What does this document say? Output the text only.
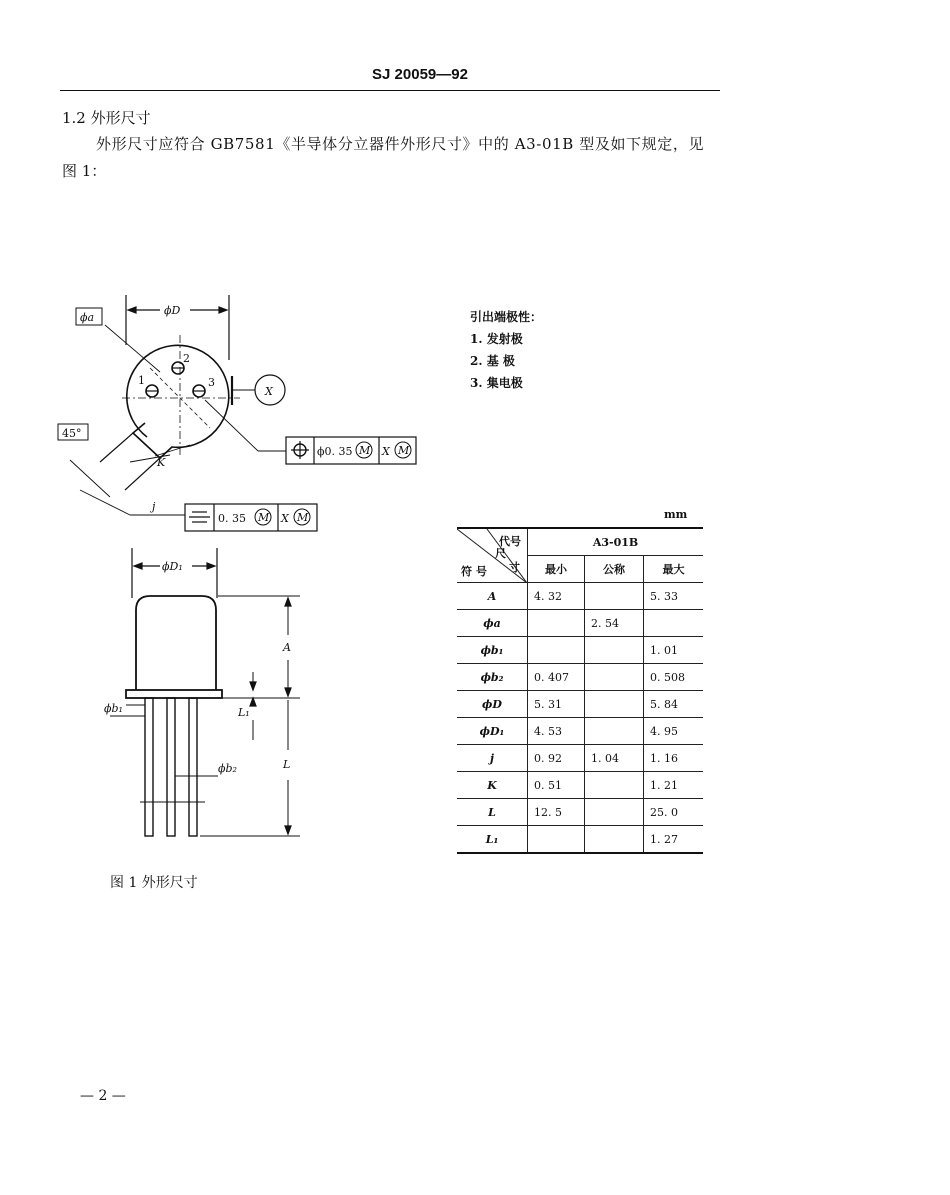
SJ 20059—92
1.2 外形尺寸
外形尺寸应符合 GB7581《半导体分立器件外形尺寸》中的 A3-01B 型及如下规定，见
图 1：
ϕa
ϕD
45°
1
2
3
X
K
j
ϕ0. 35 M X M
0. 35 M X M
ϕD₁
ϕb₁
ϕb₂
A
L
L₁
引出端极性：
1. 发射极
2. 基 极
3. 集电极
mm
代号
尺
寸
符 号	A3-01B		
	最小	公称	最大
A	4. 32		5. 33
ϕa		2. 54	
ϕb₁			1. 01
ϕb₂	0. 407		0. 508
ϕD	5. 31		5. 84
ϕD₁	4. 53		4. 95
j	0. 92	1. 04	1. 16
K	0. 51		1. 21
L	12. 5		25. 0
L₁			1. 27
图 1 外形尺寸
— 2 —
